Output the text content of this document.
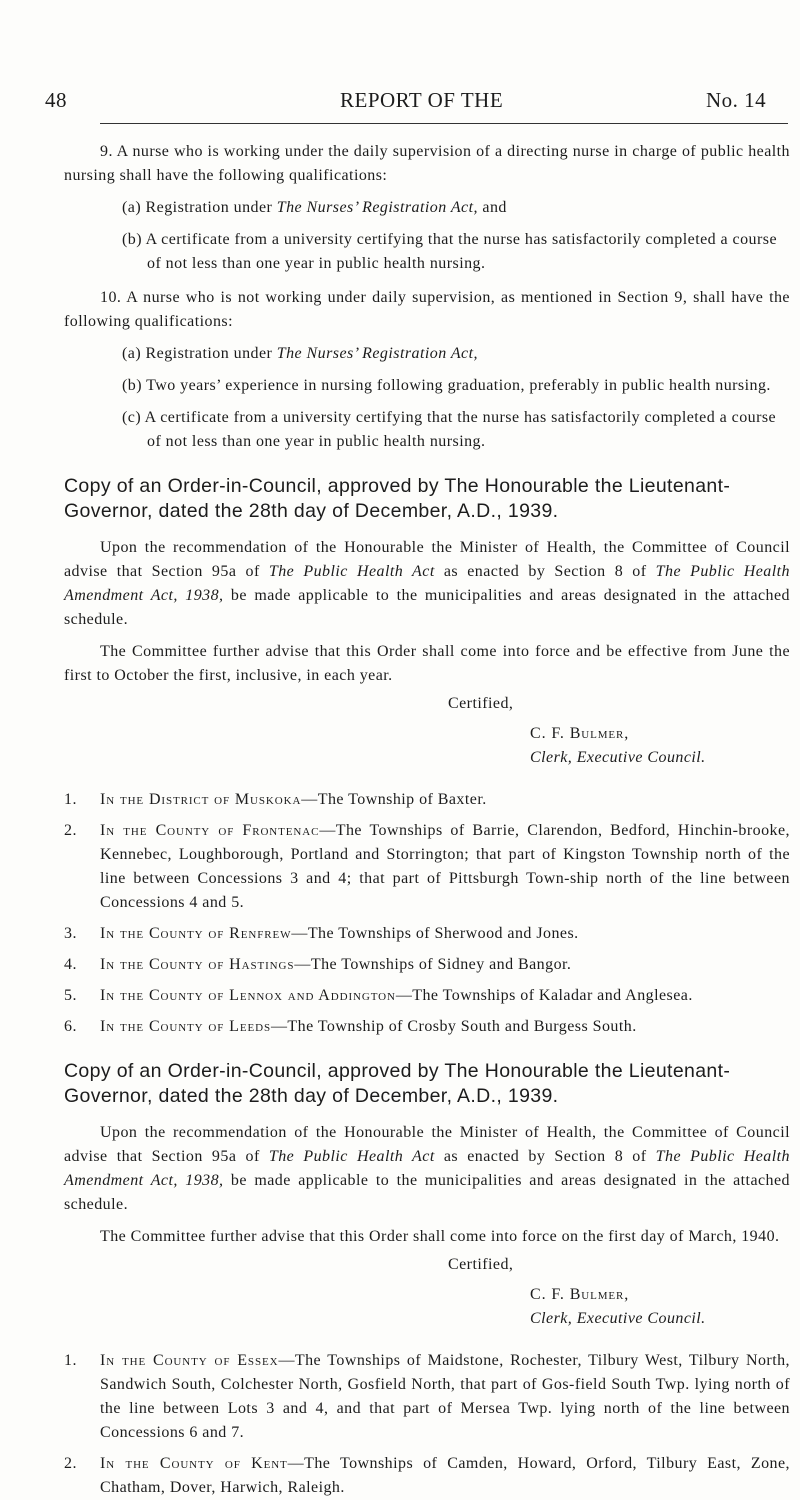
48	REPORT OF THE	No. 14

9. A nurse who is working under the daily supervision of a directing nurse in charge of public health nursing shall have the following qualifications:

(a) Registration under The Nurses’ Registration Act, and

(b) A certificate from a university certifying that the nurse has satisfactorily completed a course of not less than one year in public health nursing.

10. A nurse who is not working under daily supervision, as mentioned in Section 9, shall have the following qualifications:

(a) Registration under The Nurses’ Registration Act,

(b) Two years’ experience in nursing following graduation, preferably in public health nursing.

(c) A certificate from a university certifying that the nurse has satisfactorily completed a course of not less than one year in public health nursing.

Copy of an Order-in-Council, approved by The Honourable the Lieutenant-Governor, dated the 28th day of December, A.D., 1939.

Upon the recommendation of the Honourable the Minister of Health, the Committee of Council advise that Section 95a of The Public Health Act as enacted by Section 8 of The Public Health Amendment Act, 1938, be made applicable to the municipalities and areas designated in the attached schedule.

The Committee further advise that this Order shall come into force and be effective from June the first to October the first, inclusive, in each year.

Certified,

C. F. Bulmer,

Clerk, Executive Council.

1. In the District of Muskoka—The Township of Baxter.

2. In the County of Frontenac—The Townships of Barrie, Clarendon, Bedford, Hinchin-brooke, Kennebec, Loughborough, Portland and Storrington; that part of Kingston Township north of the line between Concessions 3 and 4; that part of Pittsburgh Town-ship north of the line between Concessions 4 and 5.

3. In the County of Renfrew—The Townships of Sherwood and Jones.

4. In the County of Hastings—The Townships of Sidney and Bangor.

5. In the County of Lennox and Addington—The Townships of Kaladar and Anglesea.

6. In the County of Leeds—The Township of Crosby South and Burgess South.

Copy of an Order-in-Council, approved by The Honourable the Lieutenant-Governor, dated the 28th day of December, A.D., 1939.

Upon the recommendation of the Honourable the Minister of Health, the Committee of Council advise that Section 95a of The Public Health Act as enacted by Section 8 of The Public Health Amendment Act, 1938, be made applicable to the municipalities and areas designated in the attached schedule.

The Committee further advise that this Order shall come into force on the first day of March, 1940.

Certified,

C. F. Bulmer,

Clerk, Executive Council.

1. In the County of Essex—The Townships of Maidstone, Rochester, Tilbury West, Tilbury North, Sandwich South, Colchester North, Gosfield North, that part of Gos-field South Twp. lying north of the line between Lots 3 and 4, and that part of Mersea Twp. lying north of the line between Concessions 6 and 7.

2. In the County of Kent—The Townships of Camden, Howard, Orford, Tilbury East, Zone, Chatham, Dover, Harwich, Raleigh.
